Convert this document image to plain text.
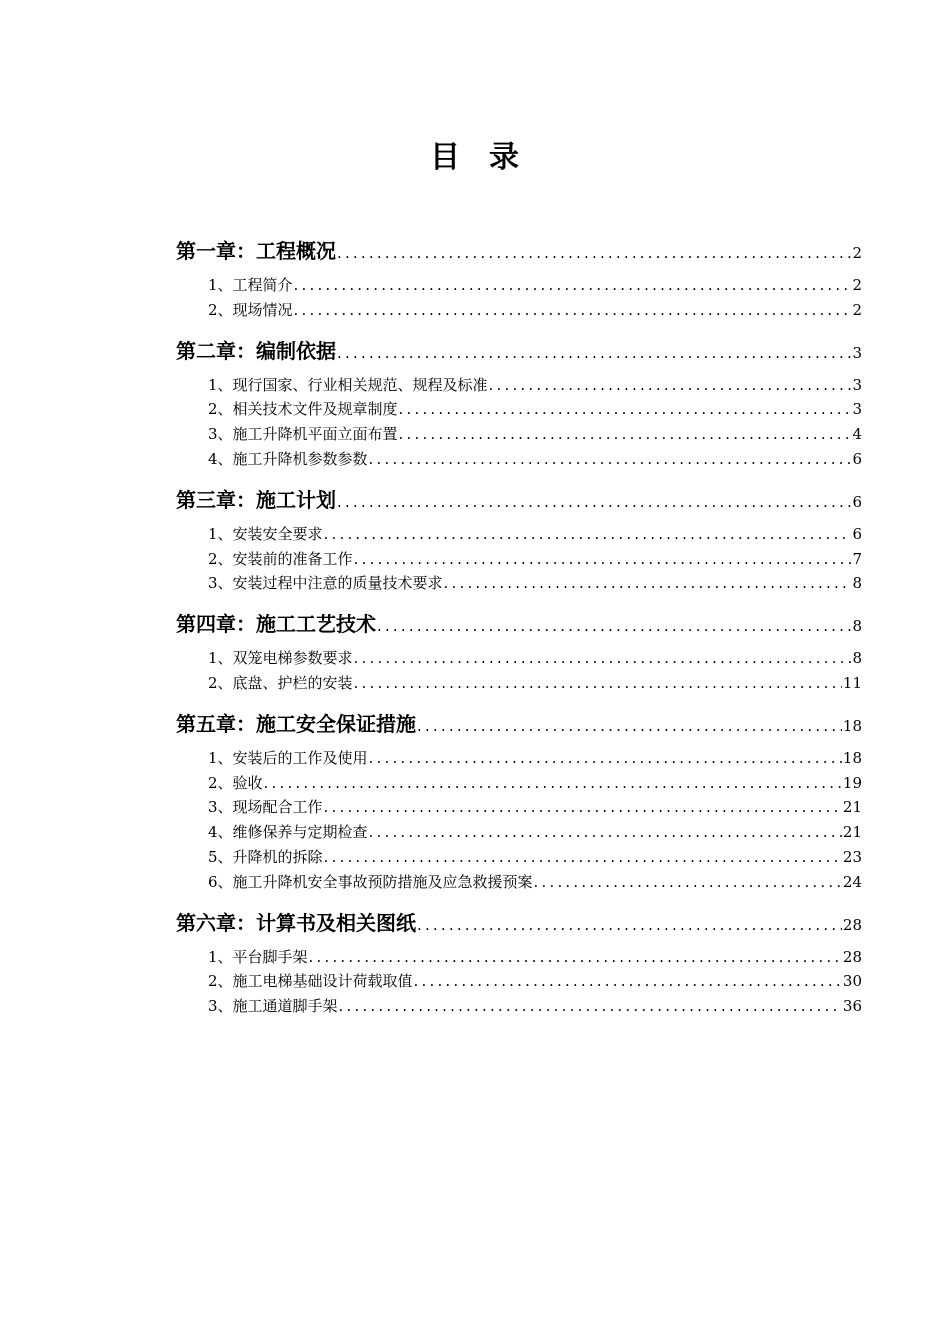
目 录
第一章：工程概况 .....	2
1、工程简介 .....	2
2、现场情况 .....	2
第二章：编制依据 .....	3
1、现行国家、行业相关规范、规程及标准 .....	3
2、相关技术文件及规章制度 .....	3
3、施工升降机平面立面布置 .....	4
4、施工升降机参数参数 .....	6
第三章：施工计划 .....	6
1、安装安全要求 .....	6
2、安装前的准备工作 .....	7
3、安装过程中注意的质量技术要求 .....	8
第四章：施工工艺技术 .....	8
1、双笼电梯参数要求 .....	8
2、底盘、护栏的安装 .....	11
第五章：施工安全保证措施 .....	18
1、安装后的工作及使用 .....	18
2、验收 .....	19
3、现场配合工作 .....	21
4、维修保养与定期检查 .....	21
5、升降机的拆除 .....	23
6、施工升降机安全事故预防措施及应急救援预案 .....	24
第六章：计算书及相关图纸 .....	28
1、平台脚手架 .....	28
2、施工电梯基础设计荷载取值 .....	30
3、施工通道脚手架 .....	36
